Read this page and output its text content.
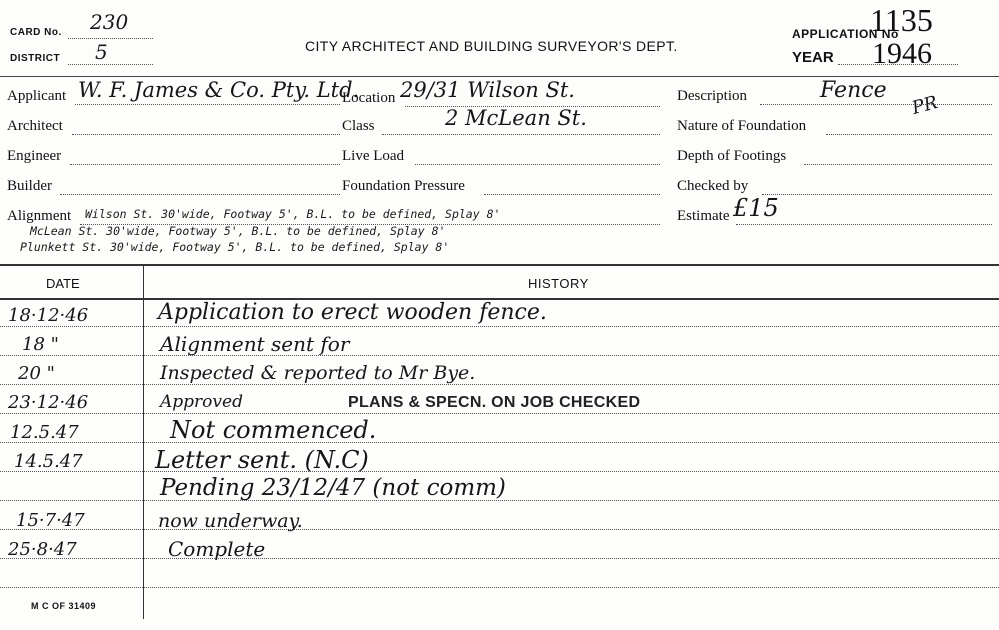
CARD No. 230
DISTRICT 5	CITY ARCHITECT AND BUILDING SURVEYOR'S DEPT.
APPLICATION No
1135
YEAR 1946
Applicant W. F. James & Co. Pty. Ltd.
Architect
Engineer
Builder
Location 29/31 Wilson St.
Class	2 McLean St.
Live Load
Foundation Pressure
Description	Fence
PR
Nature of Foundation
Depth of Footings
Checked by
Estimate £15
Alignment Wilson St. 30'wide, Footway 5', B.L. to be defined, Splay 8'
McLean St. 30'wide, Footway 5', B.L. to be defined, Splay 8'
Plunkett St. 30'wide, Footway 5', B.L. to be defined, Splay 8'
DATE	HISTORY
18·12·46	Application to erect wooden fence.
18 "	Alignment sent for
20 "	Inspected & reported to Mr Bye.
23·12·46	Approved	PLANS & SPECN. ON JOB CHECKED
12.5.47	Not commenced.
14.5.47	Letter sent. (N.C)
Pending 23/12/47 (not comm)
15·7·47	now underway.
25·8·47	Complete
M C OF 31409
